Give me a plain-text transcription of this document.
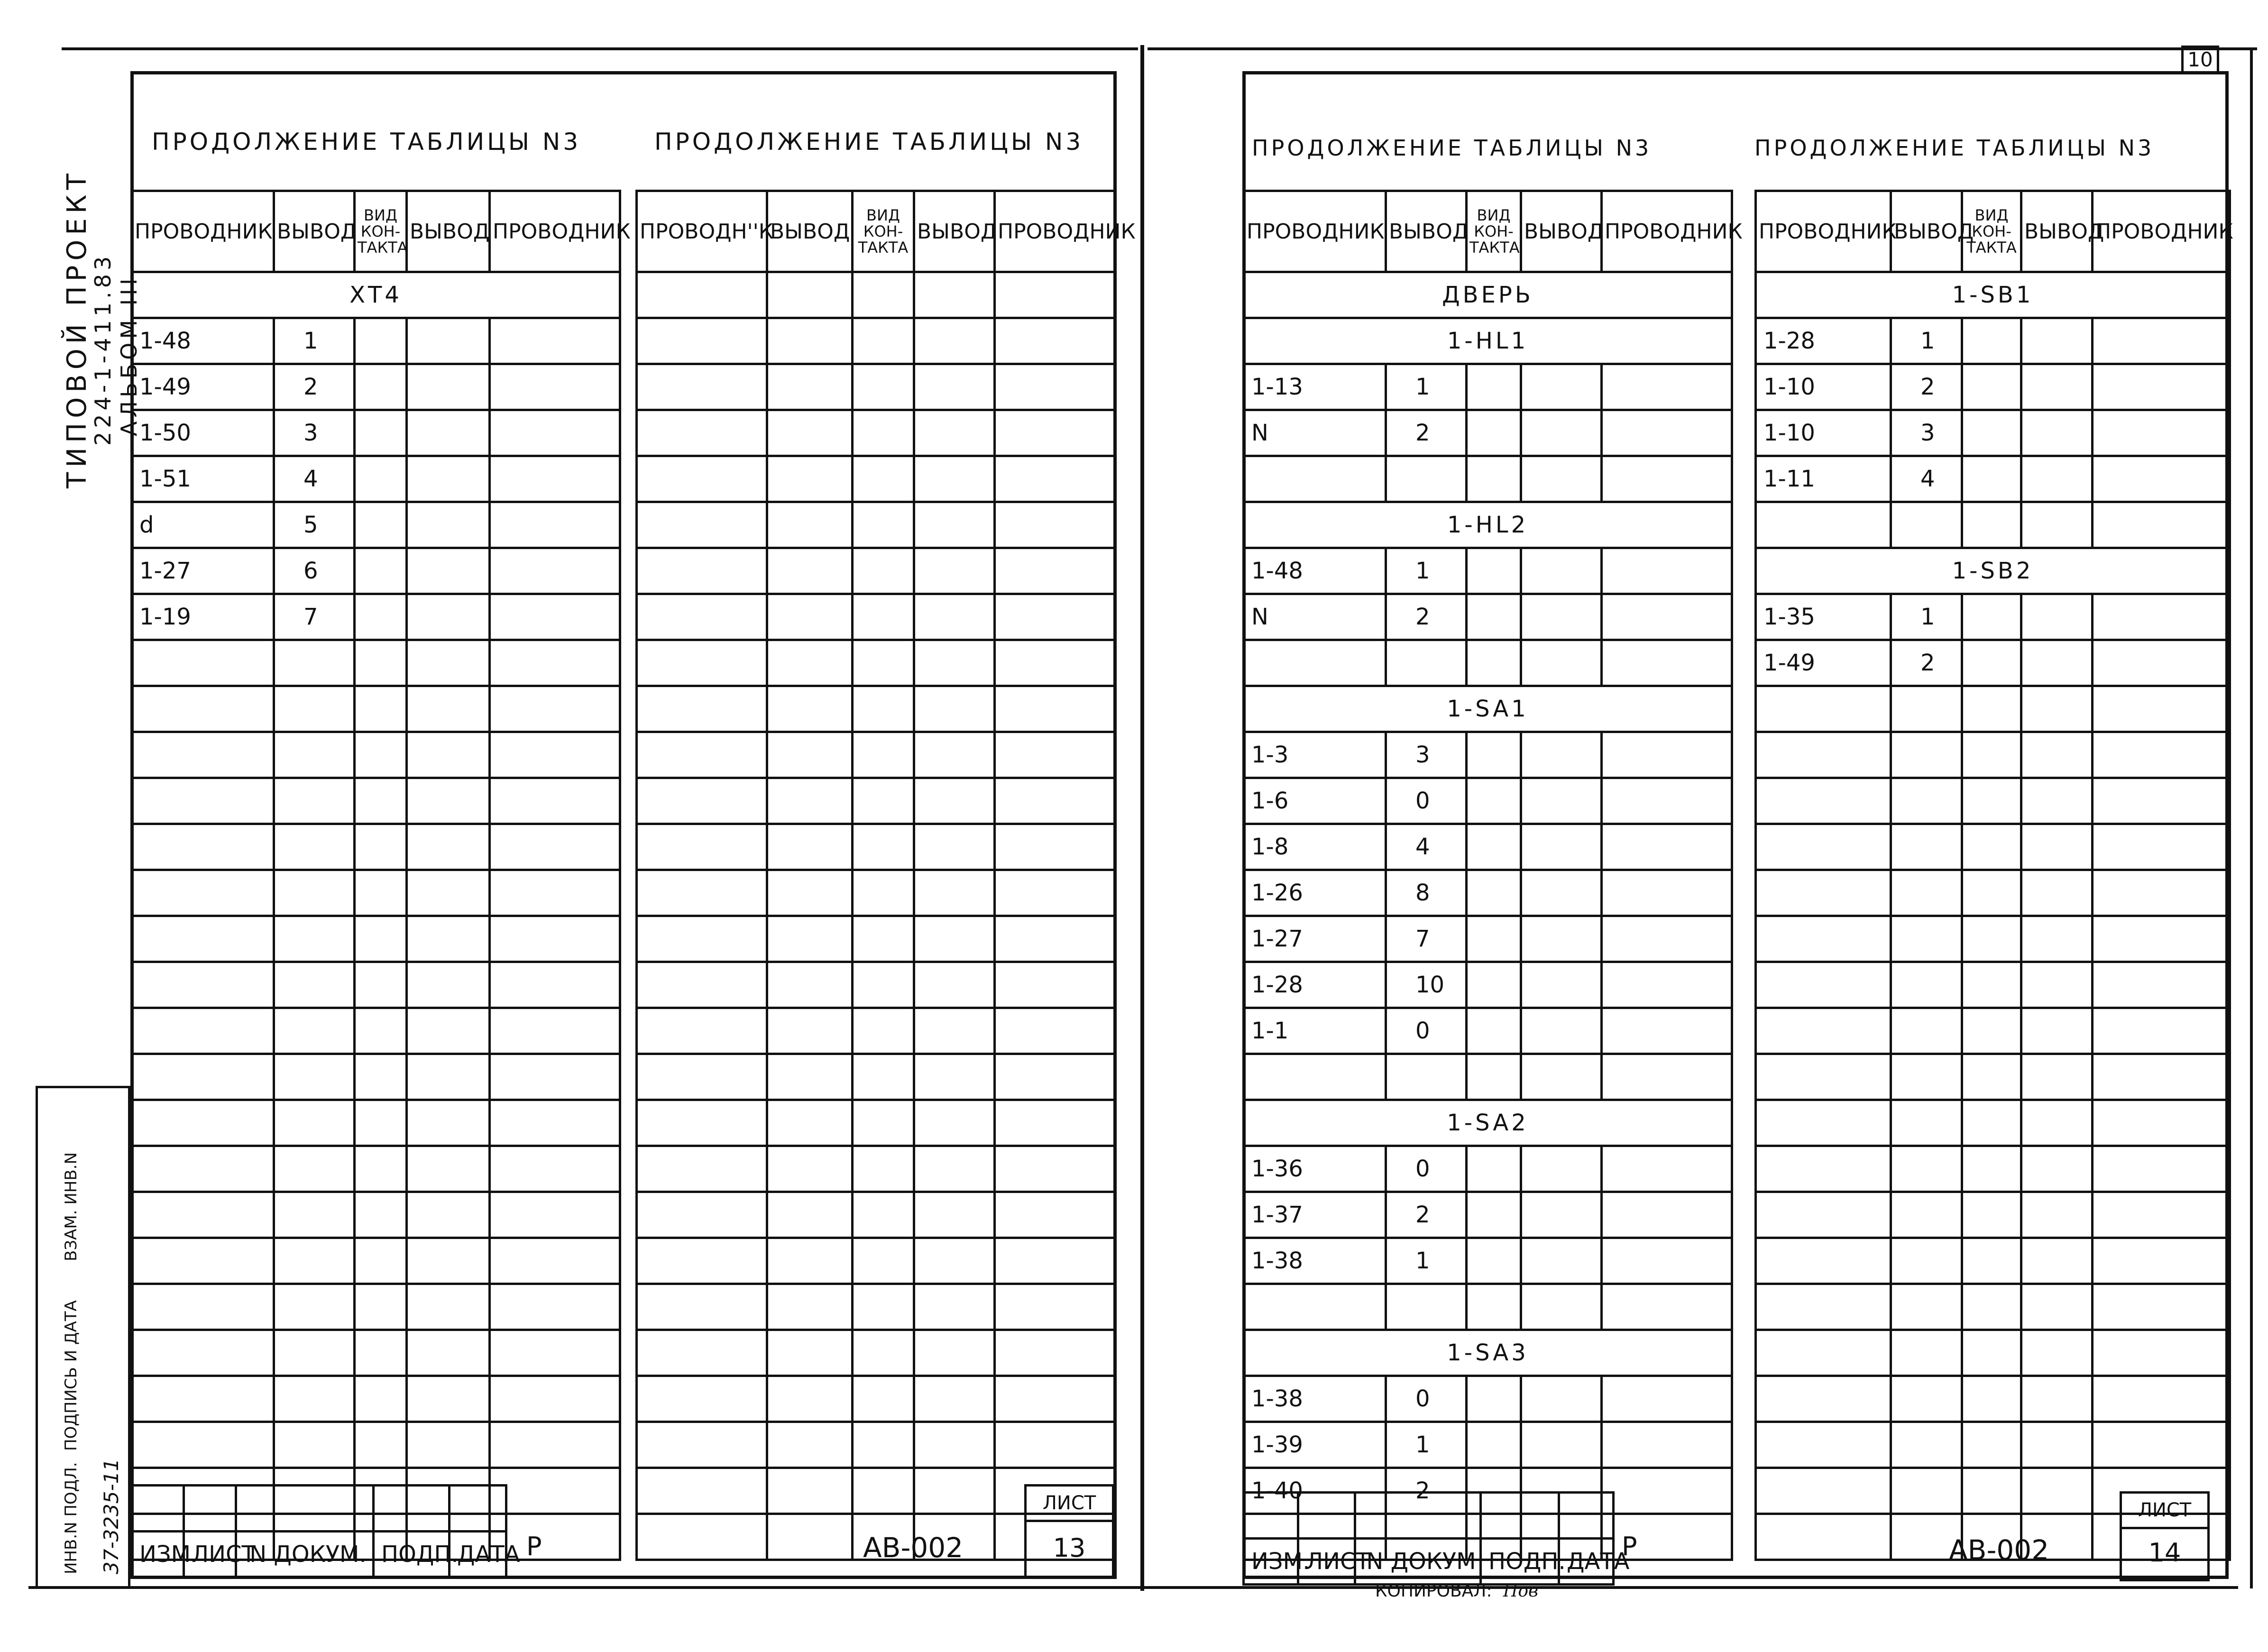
10
ТИПОВОЙ ПРОЕКТ
224-1-411.83 АЛЬБОМ III
ИНВ.N ПОДЛ.
ПОДПИСЬ И ДАТА
ВЗАМ. ИНВ.N
37-3235-11
ПРОДОЛЖЕНИЕ ТАБЛИЦЫ N3	ПРОДОЛЖЕНИЕ ТАБЛИЦЫ N3
ПРОВОДНИК	ВЫВОД	ВИД КОН- ТАКТА	ВЫВОД	ПРОВОДНИК
ХТ4				
1-48	1			
1-49	2			
1-50	3			
1-51	4			
d	5			
1-27	6			
1-19	7			

ПРОВОДН''К	ВЫВОД	ВИД КОН- ТАКТА	ВЫВОД	ПРОВОДНИК

ИЗМ.	ЛИСТ	N ДОКУМ.	ПОДП.	ДАТА Р	АВ-002
ЛИСТ
13
ПРОДОЛЖЕНИЕ ТАБЛИЦЫ N3	ПРОДОЛЖЕНИЕ ТАБЛИЦЫ N3
ПРОВОДНИК	ВЫВОД	ВИД КОН- ТАКТА	ВЫВОД	ПРОВОДНИК
ДВЕРЬ				
1-HL1				
1-13	1			
N	2			

1-HL2				
1-48	1			
N	2			

1-SA1				
1-3	3			
1-6	0			
1-8	4			
1-26	8			
1-27	7			
1-28	10			
1-1	0			

1-SA2				
1-36	0			
1-37	2			
1-38	1			

1-SA3				
1-38	0			
1-39	1			
1-40	2			

ПРОВОДНИК	ВЫВОД	ВИД КОН- ТАКТА	ВЫВОД	ПРОВОДНИК
1-SB1				
1-28	1			
1-10	2			
1-10	3			
1-11	4			

1-SB2				
1-35	1			
1-49	2			

ИЗМ.	ЛИСТ	N ДОКУМ	ПОДП.	ДАТА
Р	АВ-002
ЛИСТ
14
КОПИРОВАЛ: Пов
